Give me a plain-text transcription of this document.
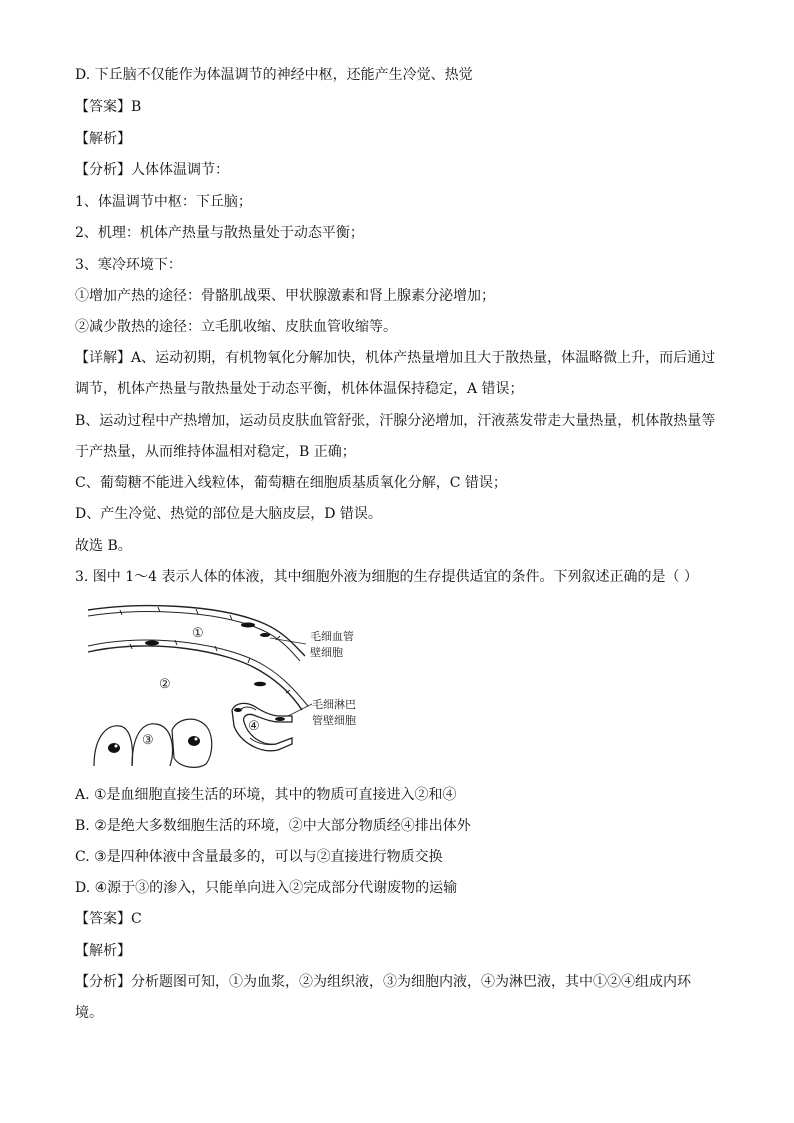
D. 下丘脑不仅能作为体温调节的神经中枢，还能产生冷觉、热觉
【答案】B
【解析】
【分析】人体体温调节：
1、体温调节中枢：下丘脑；
2、机理：机体产热量与散热量处于动态平衡；
3、寒冷环境下：
①增加产热的途径：骨骼肌战栗、甲状腺激素和肾上腺素分泌增加；
②减少散热的途径：立毛肌收缩、皮肤血管收缩等。
【详解】A、运动初期，有机物氧化分解加快，机体产热量增加且大于散热量，体温略微上升，而后通过
调节，机体产热量与散热量处于动态平衡，机体体温保持稳定，A 错误；
B、运动过程中产热增加，运动员皮肤血管舒张，汗腺分泌增加，汗液蒸发带走大量热量，机体散热量等
于产热量，从而维持体温相对稳定，B 正确；
C、葡萄糖不能进入线粒体，葡萄糖在细胞质基质氧化分解，C 错误；
D、产生冷觉、热觉的部位是大脑皮层，D 错误。
故选 B。
3. 图中 1～4 表示人体的体液，其中细胞外液为细胞的生存提供适宜的条件。下列叙述正确的是（ ）
①
②
毛细血管
壁细胞
④
毛细淋巴
管壁细胞
③
A. ①是血细胞直接生活的环境，其中的物质可直接进入②和④
B. ②是绝大多数细胞生活的环境，②中大部分物质经④排出体外
C. ③是四种体液中含量最多的，可以与②直接进行物质交换
D. ④源于③的渗入，只能单向进入②完成部分代谢废物的运输
【答案】C
【解析】
【分析】分析题图可知，①为血浆，②为组织液，③为细胞内液，④为淋巴液，其中①②④组成内环
境。
